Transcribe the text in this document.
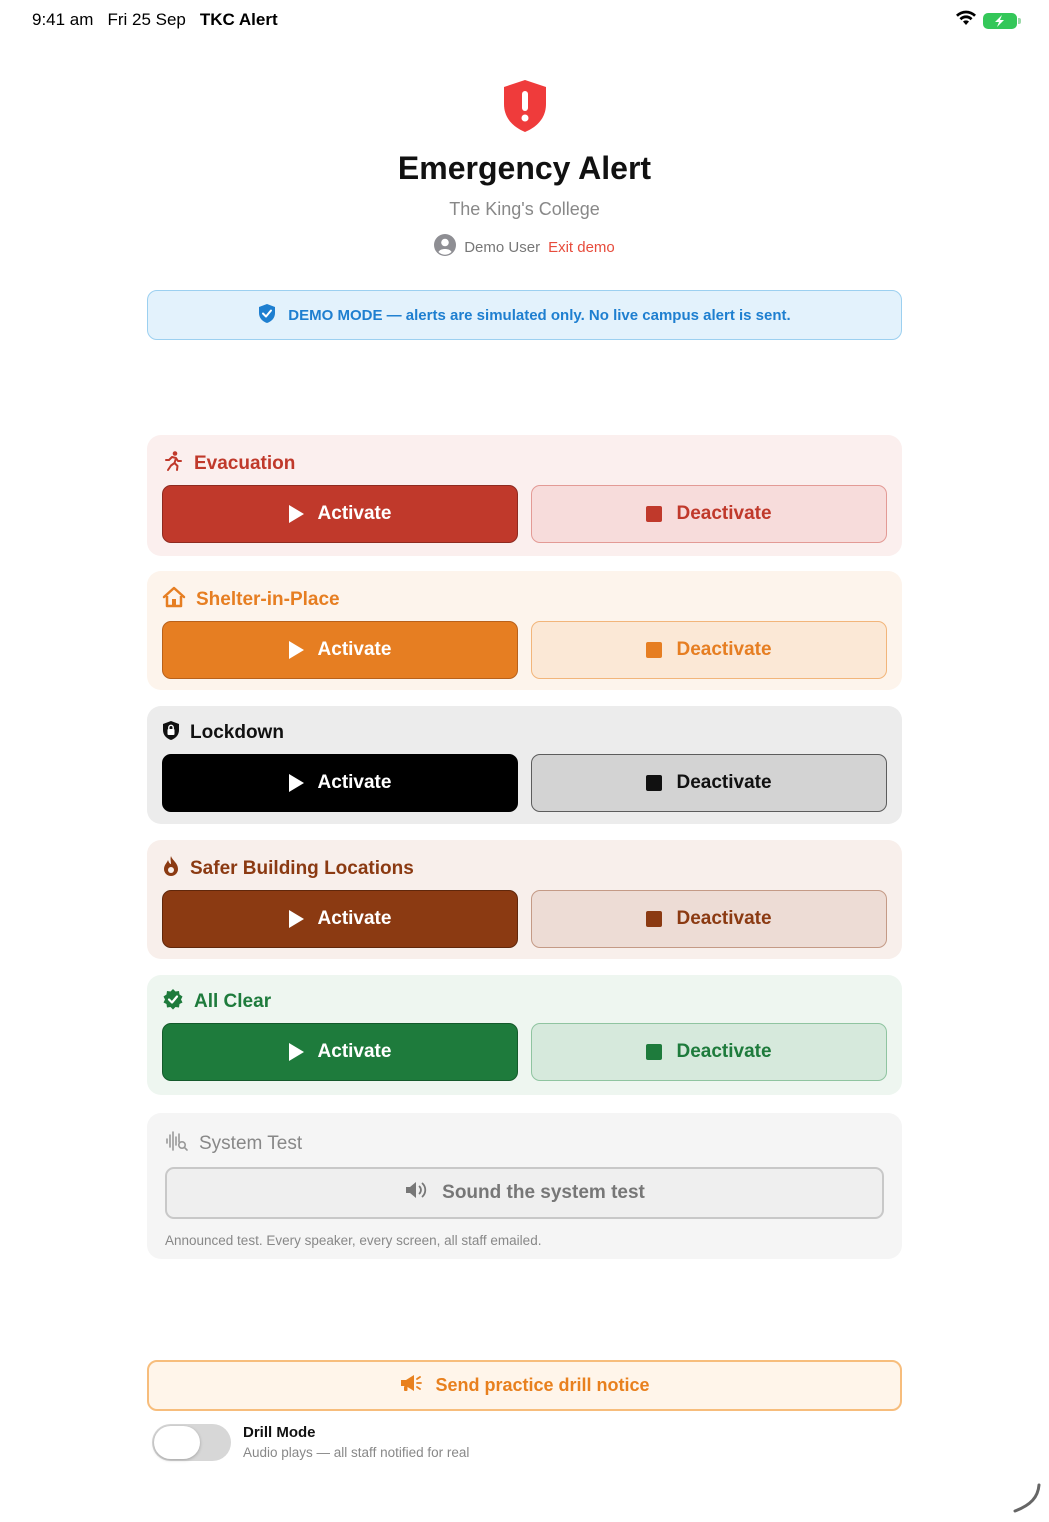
9:41 am Fri 25 Sep TKC Alert
Emergency Alert
The King's College
Demo User Exit demo
DEMO MODE — alerts are simulated only. No live campus alert is sent.
Evacuation
Activate	Deactivate
Shelter-in-Place
Activate	Deactivate
Lockdown
Activate	Deactivate
Safer Building Locations
Activate	Deactivate
All Clear
Activate	Deactivate
System Test
Sound the system test
Announced test. Every speaker, every screen, all staff emailed.
Send practice drill notice
Drill Mode
Audio plays — all staff notified for real
